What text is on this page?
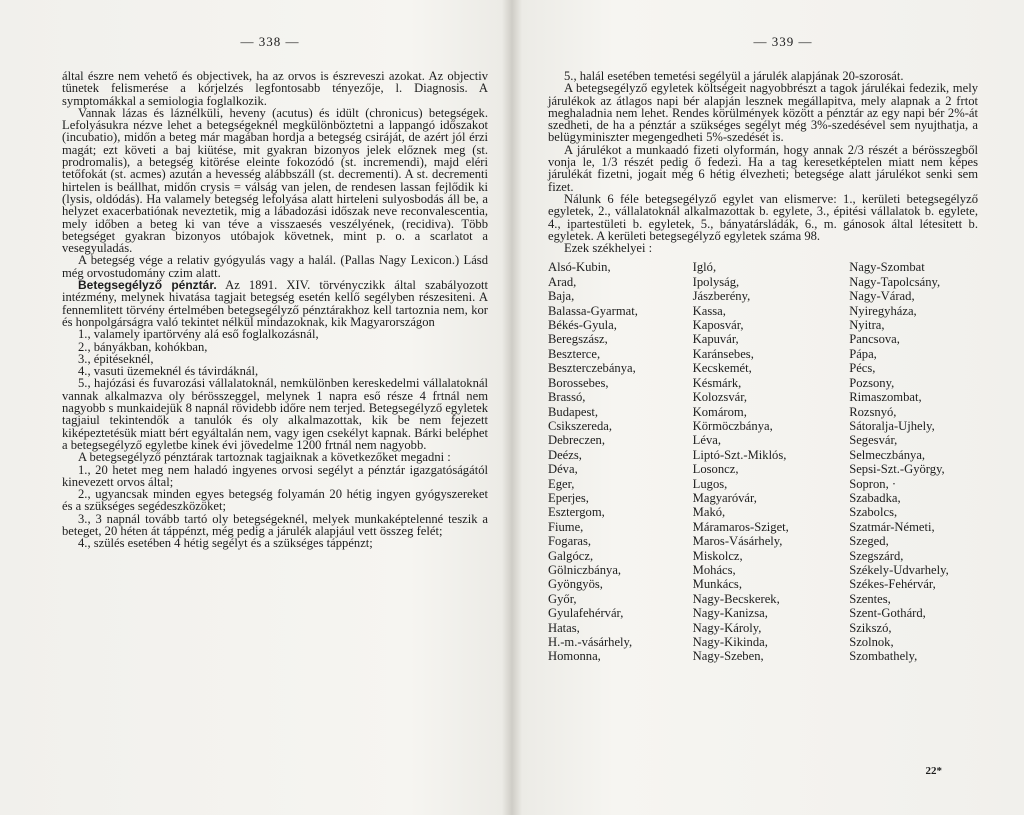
— 338 —

által észre nem vehető és objectivek, ha az orvos is észreveszi azokat. Az objectiv tünetek felismerése a kórjelzés legfontosabb tényezője, l. Diagnosis. A symptomákkal a semiologia foglalkozik.

Vannak lázas és láznélküli, heveny (acutus) és idült (chronicus) betegségek. Lefolyásukra nézve lehet a betegségeknél megkülönböztetni a lappangó időszakot (incubatio), midőn a beteg már magában hordja a betegség csiráját, de azért jól érzi magát; ezt követi a baj kiütése, mit gyakran bizonyos jelek előznek meg (st. prodromalis), a betegség kitörése eleinte fokozódó (st. incremendi), majd eléri tetőfokát (st. acmes) azután a hevesség alábbszáll (st. decrementi). A st. decrementi hirtelen is beállhat, midőn crysis = válság van jelen, de rendesen lassan fejlődik ki (lysis, oldódás). Ha valamely betegség lefolyása alatt hirteleni sulyosbodás áll be, a helyzet exacerbatiónak neveztetik, mig a lábadozási időszak neve reconvalescentia, mely időben a beteg ki van téve a visszaesés veszélyének, (recidiva). Több betegséget gyakran bizonyos utóbajok követnek, mint p. o. a scarlatot a vesegyuladás.

A betegség vége a relativ gyógyulás vagy a halál. (Pallas Nagy Lexicon.) Lásd még orvostudomány czim alatt.

Betegsegélyző pénztár. Az 1891. XIV. törvényczikk által szabályozott intézmény, melynek hivatása tagjait betegség esetén kellő segélyben részesiteni. A fennemlitett törvény értelmében betegsegélyző pénztárakhoz kell tartoznia nem, kor és honpolgárságra való tekintet nélkül mindazoknak, kik Magyarországon

1., valamely ipartörvény alá eső foglalkozásnál,

2., bányákban, kohókban,

3., épitéseknél,

4., vasuti üzemeknél és távirdáknál,

5., hajózási és fuvarozási vállalatoknál, nemkülönben kereskedelmi vállalatoknál vannak alkalmazva oly bérösszeggel, melynek 1 napra eső része 4 frtnál nem nagyobb s munkaidejük 8 napnál rövidebb időre nem terjed. Betegsegélyző egyletek tagjaiul tekintendők a tanulók és oly alkalmazottak, kik be nem fejezett kiképeztetésük miatt bért egyáltalán nem, vagy igen csekélyt kapnak. Bárki beléphet a betegsegélyző egyletbe kinek évi jövedelme 1200 frtnál nem nagyobb.

A betegsegélyző pénztárak tartoznak tagjaiknak a következőket megadni :

1., 20 hetet meg nem haladó ingyenes orvosi segélyt a pénztár igazgatóságától kinevezett orvos által;

2., ugyancsak minden egyes betegség folyamán 20 hétig ingyen gyógyszereket és a szükséges segédeszközöket;

3., 3 napnál tovább tartó oly betegségeknél, melyek munkaképtelenné teszik a beteget, 20 héten át táppénzt, még pedig a járulék alapjául vett összeg felét;

4., szülés esetében 4 hétig segélyt és a szükséges táppénzt;

— 339 —

5., halál esetében temetési segélyül a járulék alapjának 20-szorosát.

A betegsegélyző egyletek költségeit nagyobbrészt a tagok járulékai fedezik, mely járulékok az átlagos napi bér alapján lesznek megállapitva, mely alapnak a 2 frtot meghaladnia nem lehet. Rendes körülmények között a pénztár az egy napi bér 2%-át szedheti, de ha a pénztár a szükséges segélyt még 3%-szedésével sem nyujthatja, a belügyminiszter megengedheti 5%-szedését is.

A járulékot a munkaadó fizeti olyformán, hogy annak 2/3 részét a bérösszegből vonja le, 1/3 részét pedig ő fedezi. Ha a tag keresetképtelen miatt nem képes járulékát fizetni, jogait még 6 hétig élvezheti; betegsége alatt járulékot senki sem fizet.

Nálunk 6 féle betegsegélyző egylet van elismerve: 1., kerületi betegsegélyző egyletek, 2., vállalatoknál alkalmazottak b. egylete, 3., épitési vállalatok b. egylete, 4., ipartestületi b. egyletek, 5., bányatársládák, 6., m. gánosok által létesitett b. egyletek. A kerületi betegsegélyző egyletek száma 98.

Ezek székhelyei :

Alsó-Kubin,
Arad,
Baja,
Balassa-Gyarmat,
Békés-Gyula,
Beregszász,
Beszterce,
Beszterczebánya,
Borossebes,
Brassó,
Budapest,
Csikszereda,
Debreczen,
Deézs,
Déva,
Eger,
Eperjes,
Esztergom,
Fiume,
Fogaras,
Galgócz,
Gölniczbánya,
Gyöngyös,
Győr,
Gyulafehérvár,
Hatas,
H.-m.-vásárhely,
Homonna,
Igló,
Ipolyság,
Jászberény,
Kassa,
Kaposvár,
Kapuvár,
Karánsebes,
Kecskemét,
Késmárk,
Kolozsvár,
Komárom,
Körmöczbánya,
Léva,
Liptó-Szt.-Miklós,
Losoncz,
Lugos,
Magyaróvár,
Makó,
Máramaros-Sziget,
Maros-Vásárhely,
Miskolcz,
Mohács,
Munkács,
Nagy-Becskerek,
Nagy-Kanizsa,
Nagy-Károly,
Nagy-Kikinda,
Nagy-Szeben,
Nagy-Szombat
Nagy-Tapolcsány,
Nagy-Várad,
Nyiregyháza,
Nyitra,
Pancsova,
Pápa,
Pécs,
Pozsony,
Rimaszombat,
Rozsnyó,
Sátoralja-Ujhely,
Segesvár,
Selmeczbánya,
Sepsi-Szt.-György,
Sopron, ·
Szabadka,
Szabolcs,
Szatmár-Németi,
Szeged,
Szegszárd,
Székely-Udvarhely,
Székes-Fehérvár,
Szentes,
Szent-Gothárd,
Szikszó,
Szolnok,
Szombathely,
22*
